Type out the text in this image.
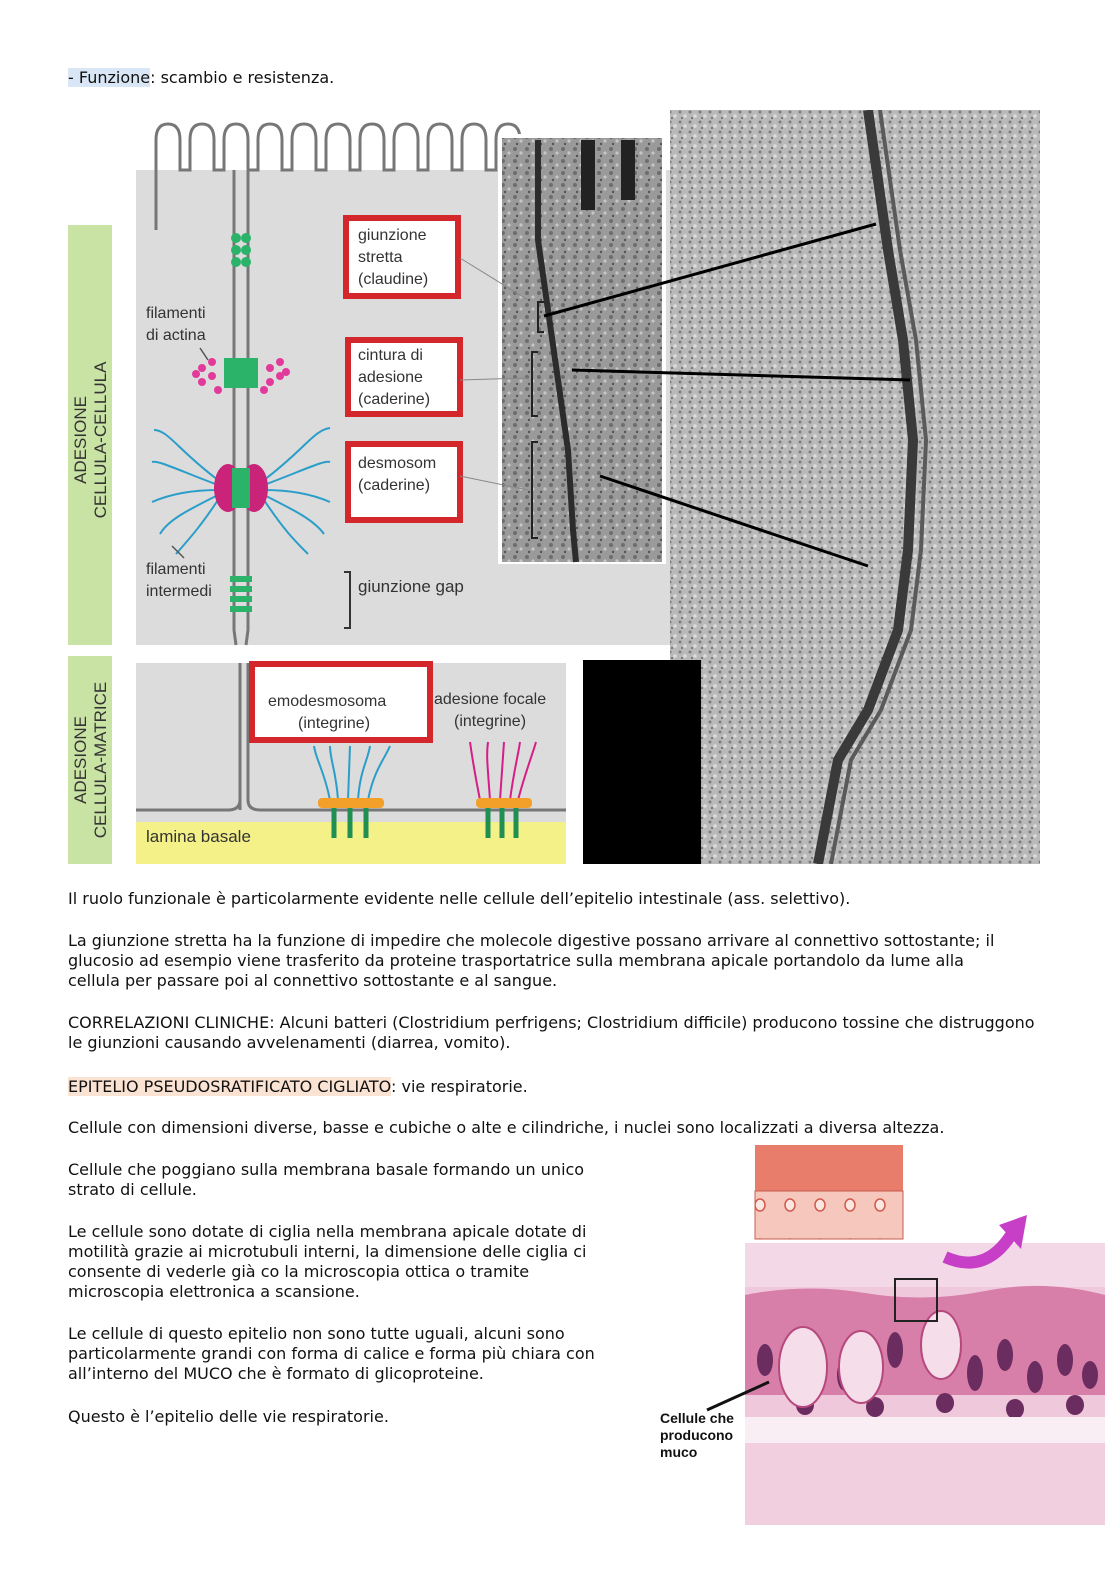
- Funzione: scambio e resistenza.
ADESIONE CELLULA-CELLULA
ADESIONE CELLULA-MATRICE
filamenti
di actina
filamenti
intermedi	giunzione gap
giunzione
stretta
(claudine)
cintura di
adesione
(caderine)
desmosom
(caderine)
emodesmosoma
(integrine)
adesione focale
(integrine)
lamina basale
Il ruolo funzionale è particolarmente evidente nelle cellule dell’epitelio intestinale (ass. selettivo).
La giunzione stretta ha la funzione di impedire che molecole digestive possano arrivare al connettivo sottostante; il
glucosio ad esempio viene trasferito da proteine trasportatrice sulla membrana apicale portandolo da lume alla
cellula per passare poi al connettivo sottostante e al sangue.
CORRELAZIONI CLINICHE: Alcuni batteri (Clostridium perfrigens; Clostridium difficile) producono tossine che distruggono
le giunzioni causando avvelenamenti (diarrea, vomito).
EPITELIO PSEUDOSRATIFICATO CIGLIATO: vie respiratorie.
Cellule con dimensioni diverse, basse e cubiche o alte e cilindriche, i nuclei sono localizzati a diversa altezza.
Cellule che poggiano sulla membrana basale formando un unico
strato di cellule.
Le cellule sono dotate di ciglia nella membrana apicale dotate di
motilità grazie ai microtubuli interni, la dimensione delle ciglia ci
consente di vederle già co la microscopia ottica o tramite
microscopia elettronica a scansione.
Le cellule di questo epitelio non sono tutte uguali, alcuni sono
particolarmente grandi con forma di calice e forma più chiara con
all’interno del MUCO che è formato di glicoproteine.
Questo è l’epitelio delle vie respiratorie.	Cellule che
producono
muco
